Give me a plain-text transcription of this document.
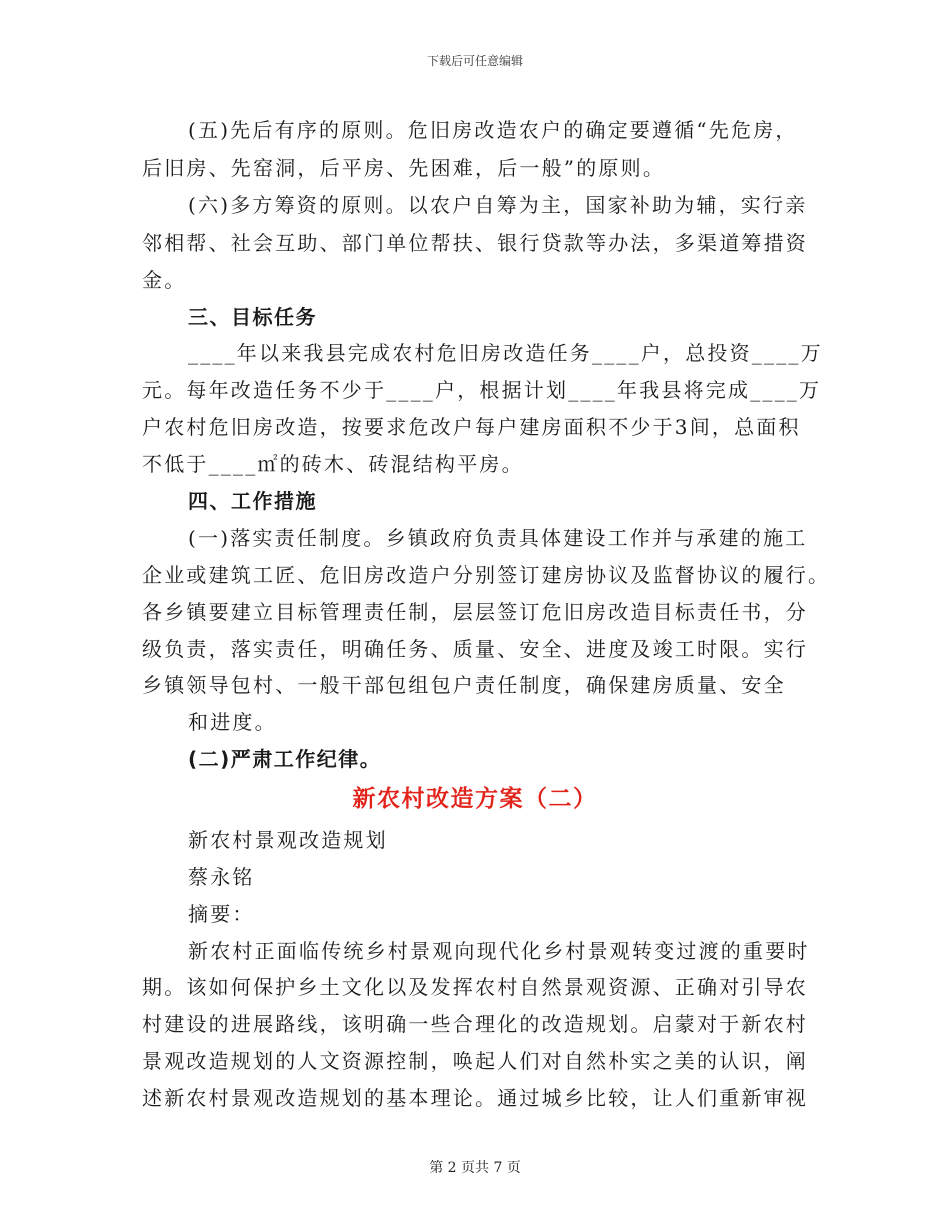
下载后可任意编辑
(五)先后有序的原则。危旧房改造农户的确定要遵循“先危房，
后旧房、先窑洞，后平房、先困难，后一般”的原则。
(六)多方筹资的原则。以农户自筹为主，国家补助为辅，实行亲
邻相帮、社会互助、部门单位帮扶、银行贷款等办法，多渠道筹措资
金。
三、目标任务
____年以来我县完成农村危旧房改造任务____户，总投资____万
元。每年改造任务不少于____户，根据计划____年我县将完成____万
户农村危旧房改造，按要求危改户每户建房面积不少于3间，总面积
不低于____㎡的砖木、砖混结构平房。
四、工作措施
(一)落实责任制度。乡镇政府负责具体建设工作并与承建的施工
企业或建筑工匠、危旧房改造户分别签订建房协议及监督协议的履行。
各乡镇要建立目标管理责任制，层层签订危旧房改造目标责任书，分
级负责，落实责任，明确任务、质量、安全、进度及竣工时限。实行
乡镇领导包村、一般干部包组包户责任制度，确保建房质量、安全
和进度。
(二)严肃工作纪律。
新农村改造方案（二）
新农村景观改造规划
蔡永铭
摘要：
新农村正面临传统乡村景观向现代化乡村景观转变过渡的重要时
期。该如何保护乡土文化以及发挥农村自然景观资源、正确对引导农
村建设的进展路线，该明确一些合理化的改造规划。启蒙对于新农村
景观改造规划的人文资源控制，唤起人们对自然朴实之美的认识，阐
述新农村景观改造规划的基本理论。通过城乡比较，让人们重新审视
第 2 页共 7 页
